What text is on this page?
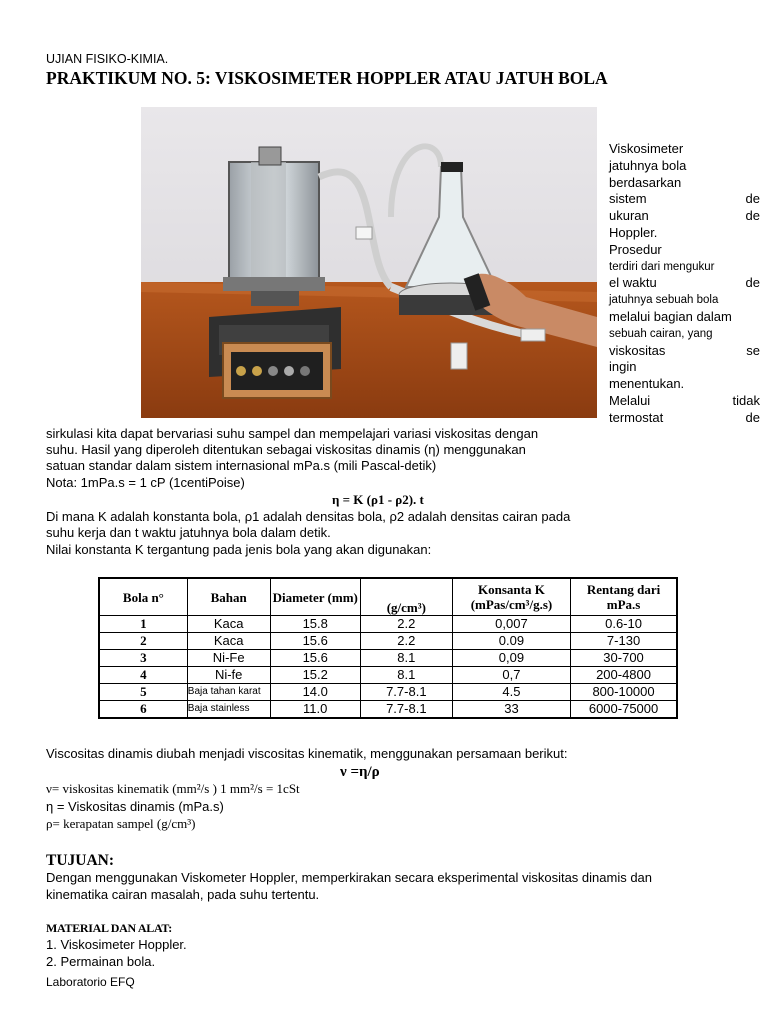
UJIAN FISIKO-KIMIA.
PRAKTIKUM NO. 5: VISKOSIMETER HOPPLER ATAU JATUH BOLA
Viskosimeter
jatuhnya bola
berdasarkan
sistem	de
ukuran	de
Hoppler.
Prosedur
terdiri dari mengukur
el waktu	de
jatuhnya sebuah bola
melalui bagian dalam
sebuah cairan, yang
viskositas	se
ingin
menentukan.
Melalui	tidak
termostat	de
sirkulasi kita dapat bervariasi suhu sampel dan mempelajari variasi viskositas dengan
suhu. Hasil yang diperoleh ditentukan sebagai viskositas dinamis (η) menggunakan
satuan standar dalam sistem internasional mPa.s (mili Pascal-detik)
Nota: 1mPa.s = 1 cP (1centiPoise)
η = K (ρ1 - ρ2). t
Di mana K adalah konstanta bola, ρ1 adalah densitas bola, ρ2 adalah densitas cairan pada
suhu kerja dan t waktu jatuhnya bola dalam detik.
Nilai konstanta K tergantung pada jenis bola yang akan digunakan:
Bola n°	Bahan	Diameter (mm)	(g/cm³)	Konsanta K (mPas/cm³/g.s)	Rentang dari mPa.s
1	Kaca	15.8	2.2	0,007	0.6-10
2	Kaca	15.6	2.2	0.09	7-130
3	Ni-Fe	15.6	8.1	0,09	30-700
4	Ni-fe	15.2	8.1	0,7	200-4800
5	Baja tahan karat	14.0	7.7-8.1	4.5	800-10000
6	Baja stainless	11.0	7.7-8.1	33	6000-75000
Viscositas dinamis diubah menjadi viscositas kinematik, menggunakan persamaan berikut:
ν =η/ρ
ν= viskositas kinematik (mm²/s ) 1 mm²/s = 1cSt
η = Viskositas dinamis (mPa.s)
ρ= kerapatan sampel (g/cm³)
TUJUAN:
Dengan menggunakan Viskometer Hoppler, memperkirakan secara eksperimental viskositas dinamis dan
kinematika cairan masalah, pada suhu tertentu.
MATERIAL DAN ALAT:
1. Viskosimeter Hoppler.
2. Permainan bola.
Laboratorio EFQ
